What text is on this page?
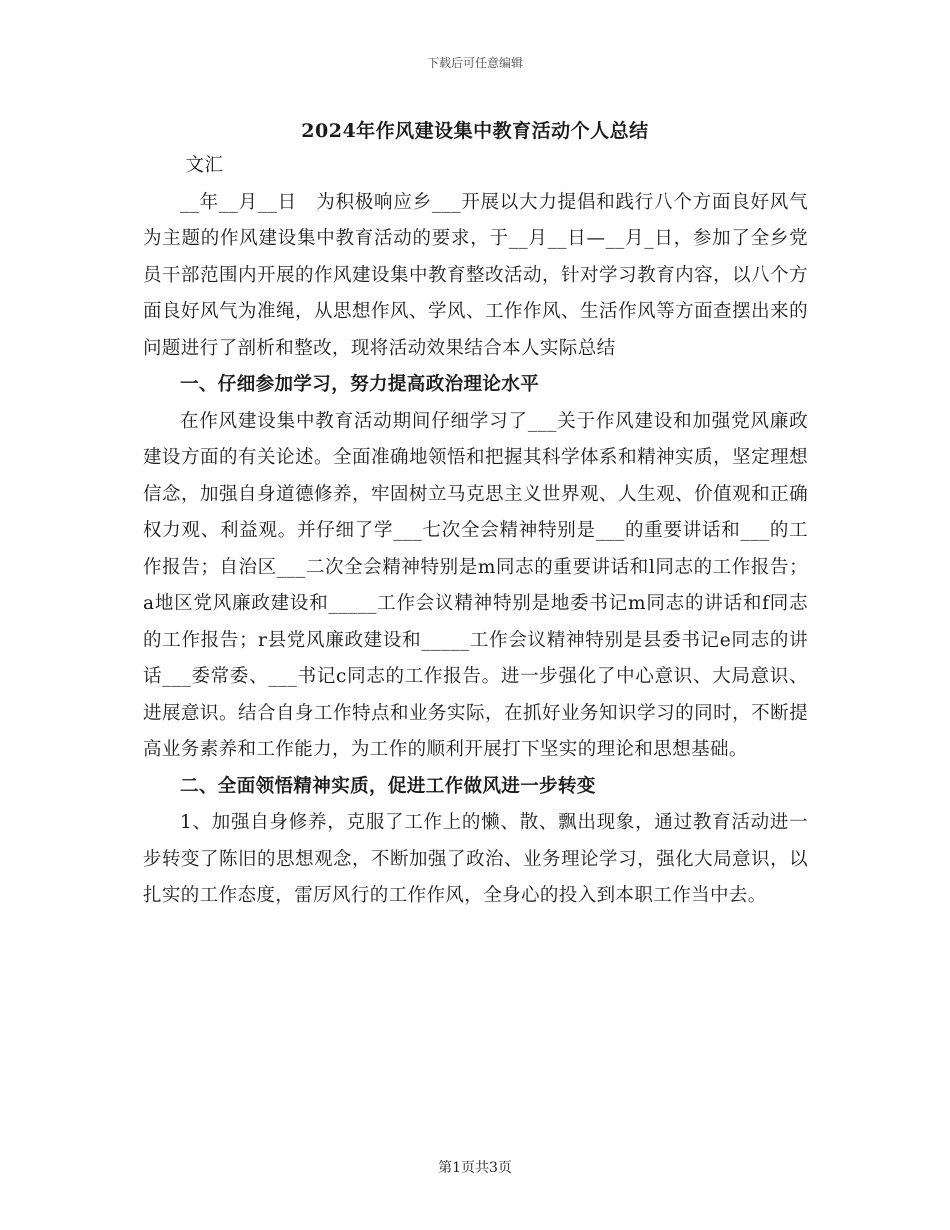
下载后可任意编辑
2024年作风建设集中教育活动个人总结

文汇

__年__月__日　为积极响应乡___开展以大力提倡和践行八个方面良好风气为主题的作风建设集中教育活动的要求，于__月__日—__月_日，参加了全乡党员干部范围内开展的作风建设集中教育整改活动，针对学习教育内容，以八个方面良好风气为准绳，从思想作风、学风、工作作风、生活作风等方面查摆出来的问题进行了剖析和整改，现将活动效果结合本人实际总结

一、仔细参加学习，努力提高政治理论水平

在作风建设集中教育活动期间仔细学习了___关于作风建设和加强党风廉政建设方面的有关论述。全面准确地领悟和把握其科学体系和精神实质，坚定理想信念，加强自身道德修养，牢固树立马克思主义世界观、人生观、价值观和正确权力观、利益观。并仔细了学___七次全会精神特别是___的重要讲话和___的工作报告；自治区___二次全会精神特别是m同志的重要讲话和l同志的工作报告；a地区党风廉政建设和_____工作会议精神特别是地委书记m同志的讲话和f同志的工作报告；r县党风廉政建设和_____工作会议精神特别是县委书记e同志的讲话___委常委、___书记c同志的工作报告。进一步强化了中心意识、大局意识、进展意识。结合自身工作特点和业务实际，在抓好业务知识学习的同时，不断提高业务素养和工作能力，为工作的顺利开展打下坚实的理论和思想基础。

二、全面领悟精神实质，促进工作做风进一步转变

1、加强自身修养，克服了工作上的懒、散、飘出现象，通过教育活动进一步转变了陈旧的思想观念，不断加强了政治、业务理论学习，强化大局意识，以扎实的工作态度，雷厉风行的工作作风，全身心的投入到本职工作当中去。

第1页共3页
